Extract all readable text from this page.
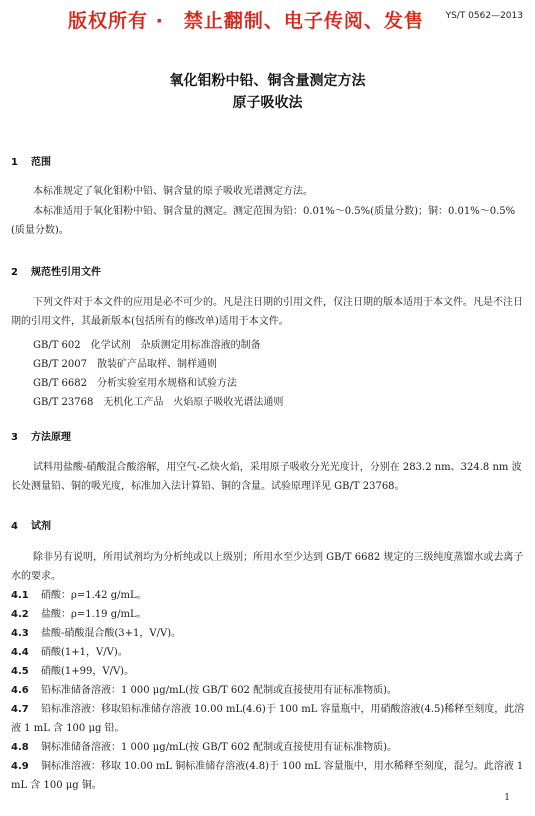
版权所有 ·　禁止翻制、电子传阅、发售 YS/T 0562—2013
氧化钼粉中铅、铜含量测定方法
原子吸收法
1 范围
本标准规定了氧化钼粉中铅、铜含量的原子吸收光谱测定方法。
本标准适用于氧化钼粉中铅、铜含量的测定。测定范围为铅：0.01%～0.5%(质量分数)；铜：0.01%～0.5%(质量分数)。
2 规范性引用文件
下列文件对于本文件的应用是必不可少的。凡是注日期的引用文件，仅注日期的版本适用于本文件。凡是不注日期的引用文件，其最新版本(包括所有的修改单)适用于本文件。
GB/T 602　化学试剂　杂质测定用标准溶液的制备
GB/T 2007　散装矿产品取样、制样通则
GB/T 6682　分析实验室用水规格和试验方法
GB/T 23768　无机化工产品　火焰原子吸收光谱法通则
3 方法原理
试料用盐酸-硝酸混合酸溶解，用空气-乙炔火焰，采用原子吸收分光光度计，分别在 283.2 nm、324.8 nm 波长处测量铅、铜的吸光度，标准加入法计算铅、铜的含量。试验原理详见 GB/T 23768。
4 试剂
除非另有说明，所用试剂均为分析纯或以上级别；所用水至少达到 GB/T 6682 规定的三级纯度蒸馏水或去离子水的要求。
4.1 硝酸：ρ=1.42 g/mL。
4.2 盐酸：ρ=1.19 g/mL。
4.3 盐酸-硝酸混合酸(3+1，V/V)。
4.4 硝酸(1+1，V/V)。
4.5 硝酸(1+99，V/V)。
4.6 铅标准储备溶液：1 000 μg/mL(按 GB/T 602 配制或直接使用有证标准物质)。
4.7 铅标准溶液：移取铅标准储存溶液 10.00 mL(4.6)于 100 mL 容量瓶中，用硝酸溶液(4.5)稀释至刻度，此溶液 1 mL 含 100 μg 铅。
4.8 铜标准储备溶液：1 000 μg/mL(按 GB/T 602 配制或直接使用有证标准物质)。
4.9 铜标准溶液：移取 10.00 mL 铜标准储存溶液(4.8)于 100 mL 容量瓶中，用水稀释至刻度，混匀。此溶液 1 mL 含 100 μg 铜。
1
